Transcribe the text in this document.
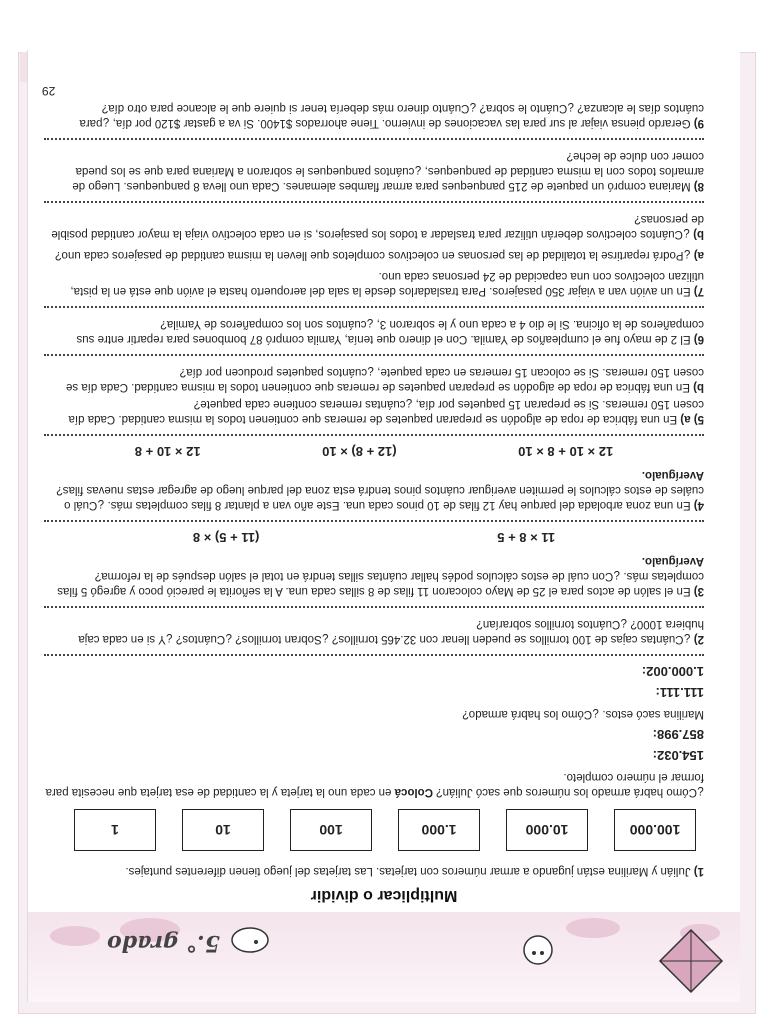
5.° grado
Multiplicar o dividir

1) Julián y Marilina están jugando a armar números con tarjetas. Las tarjetas del juego tienen diferentes puntajes.

100.000
10.000
1.000
100
10
1

¿Cómo habrá armado los números que sacó Julián? Colocá en cada uno la tarjeta y la cantidad de esa tarjeta que necesita para formar el número completo.

154.032:
857.998:

Marilina sacó estos. ¿Cómo los habrá armado?

111.111:
1.000.002:

2) ¿Cuántas cajas de 100 tornillos se pueden llenar con 32.465 tornillos? ¿Sobran tornillos? ¿Cuántos? ¿Y si en cada caja hubiera 1000? ¿Cuántos tornillos sobrarían?

3) En el salón de actos para el 25 de Mayo colocaron 11 filas de 8 sillas cada una. A la señorita le pareció poco y agregó 5 filas completas más. ¿Con cuál de estos cálculos podés hallar cuántas sillas tendrá en total el salón después de la reforma? Averígualo.

11 × 8 + 5
(11 + 5) × 8

4) En una zona arbolada del parque hay 12 filas de 10 pinos cada una. Este año van a plantar 8 filas completas más. ¿Cuál o cuáles de estos cálculos le permiten averiguar cuántos pinos tendrá esta zona del parque luego de agregar estas nuevas filas? Averígualo.

12 × 10 + 8 × 10
(12 + 8) × 10
12 × 10 + 8

5) a) En una fábrica de ropa de algodón se preparan paquetes de remeras que contienen todos la misma cantidad. Cada día cosen 150 remeras. Si se preparan 15 paquetes por día, ¿cuántas remeras contiene cada paquete?

b) En una fábrica de ropa de algodón se preparan paquetes de remeras que contienen todos la misma cantidad. Cada día se cosen 150 remeras. Si se colocan 15 remeras en cada paquete, ¿cuántos paquetes producen por día?

6) El 2 de mayo fue el cumpleaños de Yamila. Con el dinero que tenía, Yamila compró 87 bombones para repartir entre sus compañeros de la oficina. Si le dio 4 a cada uno y le sobraron 3, ¿cuántos son los compañeros de Yamila?

7) En un avión van a viajar 350 pasajeros. Para trasladarlos desde la sala del aeropuerto hasta el avión que está en la pista, utilizan colectivos con una capacidad de 24 personas cada uno.

a) ¿Podrá repartirse la totalidad de las personas en colectivos completos que lleven la misma cantidad de pasajeros cada uno?

b) ¿Cuántos colectivos deberán utilizar para trasladar a todos los pasajeros, si en cada colectivo viaja la mayor cantidad posible de personas?

8) Mariana compró un paquete de 215 panqueques para armar flambes alemanes. Cada uno lleva 8 panqueques. Luego de armarlos todos con la misma cantidad de panqueques, ¿cuántos panqueques le sobraron a Mariana para que se los pueda comer con dulce de leche?

9) Gerardo piensa viajar al sur para las vacaciones de invierno. Tiene ahorrados $1400. Si va a gastar $120 por día, ¿para cuántos días le alcanza? ¿Cuánto le sobra? ¿Cuánto dinero más debería tener si quiere que le alcance para otro día?

29
